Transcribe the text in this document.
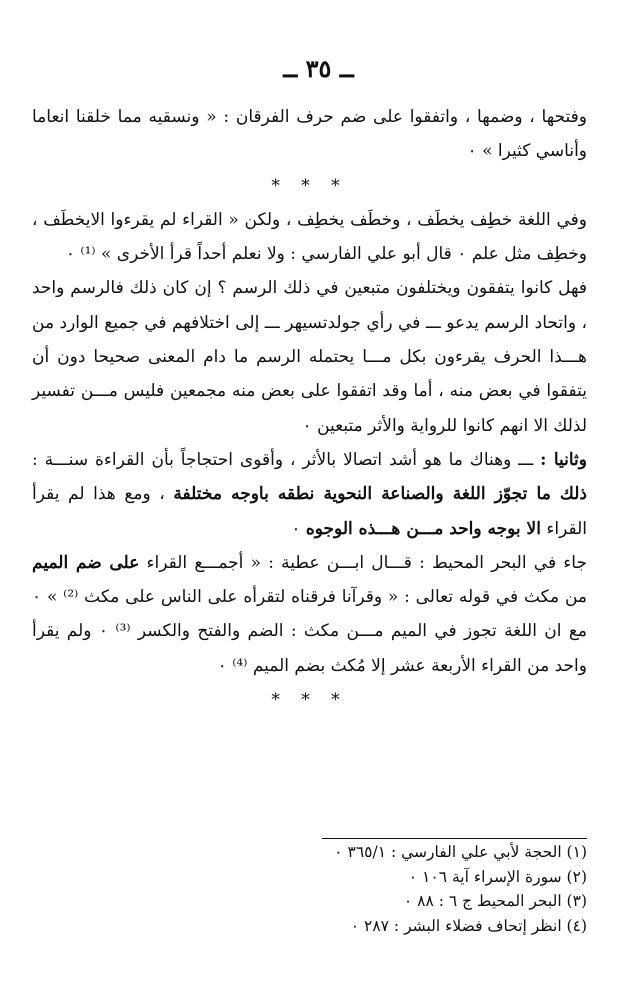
ــ ٣٥ ــ

وفتحها ، وضمها ، واتفقوا على ضم حرف الفرقان : « ونسقيه مما خلقنا انعاما وأناسي كثيرا » ٠

* * *

وفي اللغة خطِف يخطَف ، وخطَف يخطِف ، ولكن « القراء لم يقرءوا الايخطَف ، وخطِف مثل علم ٠ قال أبو علي الفارسي : ولا نعلم أحداً قرأ الأخرى » ⁽¹⁾ ٠

فهل كانوا يتفقون ويختلفون متبعين في ذلك الرسم ؟ إن كان ذلك فالرسم واحد ، واتحاد الرسم يدعو ـــ في رأي جولدتسيهر ـــ إلى اختلافهم في جميع الوارد من هـــذا الحرف يقرءون بكل مـــا يحتمله الرسم ما دام المعنى صحيحا دون أن يتفقوا في بعض منه ، أما وقد اتفقوا على بعض منه مجمعين فليس مـــن تفسير لذلك الا انهم كانوا للرواية والأثر متبعين ٠

وثانيا : ـــ وهناك ما هو أشد اتصالا بالأثر ، وأقوى احتجاجاً بأن القراءة سنـــة : ذلك ما تجوّز اللغة والصناعة النحوية نطقه باوجه مختلفة ، ومع هذا لم يقرأ القراء الا بوجه واحد مـــن هـــذه الوجوه ٠

جاء في البحر المحيط : قـــال ابـــن عطية : « أجمـــع القراء على ضم الميم من مكث في قوله تعالى : « وقرآنا فرقناه لتقرأه على الناس على مكث ⁽²⁾ » ٠ مع ان اللغة تجوز في الميم مـــن مكث : الضم والفتح والكسر ⁽³⁾ ٠ ولم يقرأ واحد من القراء الأربعة عشر إلا مُكث بضم الميم ⁽⁴⁾ ٠

* * *

(١) الحجة لأبي علي الفارسي : ٣٦٥/١ ٠
(٢) سورة الإسراء آية ١٠٦ ٠
(٣) البحر المحيط ج ٦ : ٨٨ ٠
(٤) انظر إتحاف فضلاء البشر : ٢٨٧ ٠
